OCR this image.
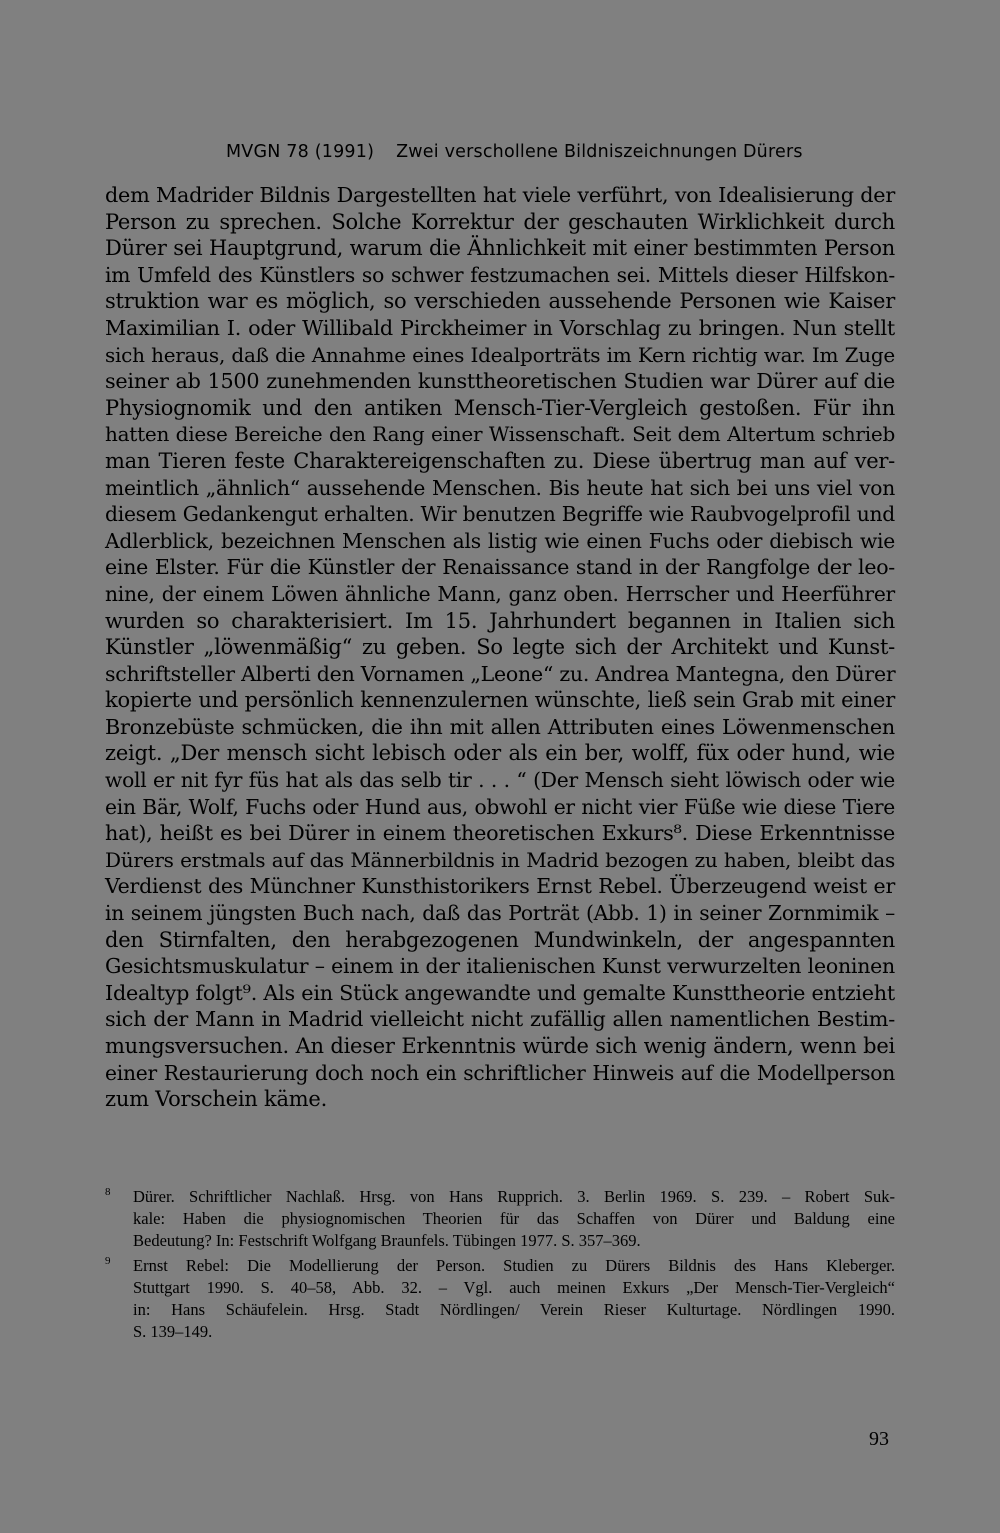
MVGN 78 (1991) Zwei verschollene Bildniszeichnungen Dürers
dem Madrider Bildnis Dargestellten hat viele verführt, von Idealisierung der
Person zu sprechen. Solche Korrektur der geschauten Wirklichkeit durch
Dürer sei Hauptgrund, warum die Ähnlichkeit mit einer bestimmten Person
im Umfeld des Künstlers so schwer festzumachen sei. Mittels dieser Hilfskon-
struktion war es möglich, so verschieden aussehende Personen wie Kaiser
Maximilian I. oder Willibald Pirckheimer in Vorschlag zu bringen. Nun stellt
sich heraus, daß die Annahme eines Idealporträts im Kern richtig war. Im Zuge
seiner ab 1500 zunehmenden kunsttheoretischen Studien war Dürer auf die
Physiognomik und den antiken Mensch-Tier-Vergleich gestoßen. Für ihn
hatten diese Bereiche den Rang einer Wissenschaft. Seit dem Altertum schrieb
man Tieren feste Charaktereigenschaften zu. Diese übertrug man auf ver-
meintlich „ähnlich“ aussehende Menschen. Bis heute hat sich bei uns viel von
diesem Gedankengut erhalten. Wir benutzen Begriffe wie Raubvogelprofil und
Adlerblick, bezeichnen Menschen als listig wie einen Fuchs oder diebisch wie
eine Elster. Für die Künstler der Renaissance stand in der Rangfolge der leo-
nine, der einem Löwen ähnliche Mann, ganz oben. Herrscher und Heerführer
wurden so charakterisiert. Im 15. Jahrhundert begannen in Italien sich
Künstler „löwenmäßig“ zu geben. So legte sich der Architekt und Kunst-
schriftsteller Alberti den Vornamen „Leone“ zu. Andrea Mantegna, den Dürer
kopierte und persönlich kennenzulernen wünschte, ließ sein Grab mit einer
Bronzebüste schmücken, die ihn mit allen Attributen eines Löwenmenschen
zeigt. „Der mensch sicht lebisch oder als ein ber, wolff, füx oder hund, wie
woll er nit fyr füs hat als das selb tir . . . “ (Der Mensch sieht löwisch oder wie
ein Bär, Wolf, Fuchs oder Hund aus, obwohl er nicht vier Füße wie diese Tiere
hat), heißt es bei Dürer in einem theoretischen Exkurs⁸. Diese Erkenntnisse
Dürers erstmals auf das Männerbildnis in Madrid bezogen zu haben, bleibt das
Verdienst des Münchner Kunsthistorikers Ernst Rebel. Überzeugend weist er
in seinem jüngsten Buch nach, daß das Porträt (Abb. 1) in seiner Zornmimik –
den Stirnfalten, den herabgezogenen Mundwinkeln, der angespannten
Gesichtsmuskulatur – einem in der italienischen Kunst verwurzelten leoninen
Idealtyp folgt⁹. Als ein Stück angewandte und gemalte Kunsttheorie entzieht
sich der Mann in Madrid vielleicht nicht zufällig allen namentlichen Bestim-
mungsversuchen. An dieser Erkenntnis würde sich wenig ändern, wenn bei
einer Restaurierung doch noch ein schriftlicher Hinweis auf die Modellperson
zum Vorschein käme.
8	Dürer. Schriftlicher Nachlaß. Hrsg. von Hans Rupprich. 3. Berlin 1969. S. 239. – Robert Suk-
kale: Haben die physiognomischen Theorien für das Schaffen von Dürer und Baldung eine
Bedeutung? In: Festschrift Wolfgang Braunfels. Tübingen 1977. S. 357–369.
9	Ernst Rebel: Die Modellierung der Person. Studien zu Dürers Bildnis des Hans Kleberger.
Stuttgart 1990. S. 40–58, Abb. 32. – Vgl. auch meinen Exkurs „Der Mensch-Tier-Vergleich“
in: Hans Schäufelein. Hrsg. Stadt Nördlingen/ Verein Rieser Kulturtage. Nördlingen 1990.
S. 139–149.
93
